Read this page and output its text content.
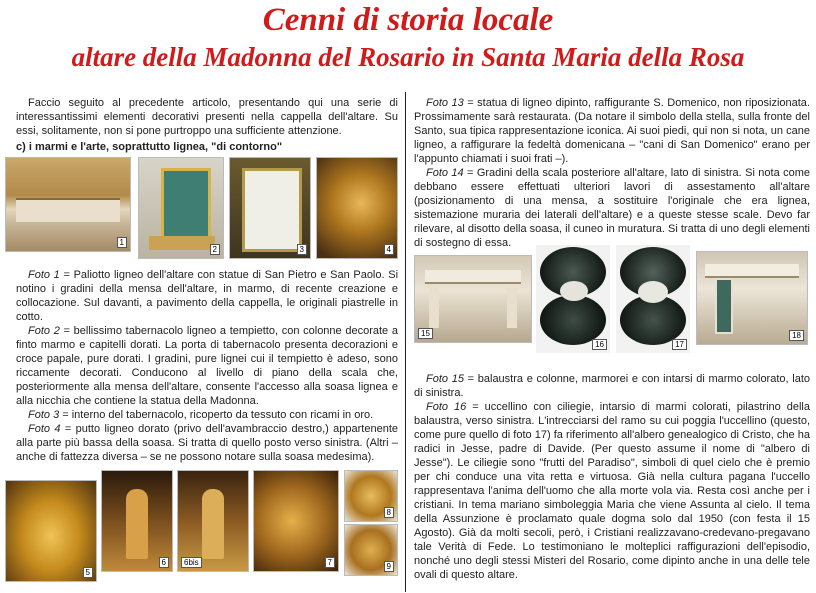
Cenni di storia locale
altare della Madonna del Rosario in Santa Maria della Rosa

Faccio seguito al precedente articolo, presentando qui una serie di interessantissimi elementi decorativi presenti nella cappella dell'altare. Su essi, solitamente, non si pone purtroppo una sufficiente attenzione.

c) i marmi e l'arte, soprattutto lignea, "di contorno"

1
2	3	4

Foto 1 = Paliotto ligneo dell'altare con statue di San Pietro e San Paolo. Si notino i gradini della mensa dell'altare, in marmo, di recente creazione e collocazione. Sul davanti, a pavimento della cappella, le originali piastrelle in cotto.

Foto 2 = bellissimo tabernacolo ligneo a tempietto, con colonne decorate a finto marmo e capitelli dorati. La porta di tabernacolo presenta decorazioni e croce papale, pure dorati. I gradini, pure lignei cui il tempietto è adeso, sono riccamente decorati. Conducono al livello di piano della scala che, posteriormente alla mensa dell'altare, consente l'accesso alla soasa lignea e alla nicchia che contiene la statua della Madonna.

Foto 3 = interno del tabernacolo, ricoperto da tessuto con ricami in oro.

Foto 4 = putto ligneo dorato (privo dell'avambraccio destro,) appartenente alla parte più bassa della soasa. Si tratta di quello posto verso sinistra. (Altri – anche di fattezza diversa – se ne possono notare sulla soasa medesima).

5
6	6bis	7
8
9

Foto 13 = statua di ligneo dipinto, raffigurante S. Domenico, non riposizionata. Prossimamente sarà restaurata. (Da notare il simbolo della stella, sulla fronte del Santo, sua tipica rappresentazione iconica. Ai suoi piedi, qui non si nota, un cane ligneo, a raffigurare la fedeltà domenicana – "cani di San Domenico" erano per l'appunto chiamati i suoi frati –).

Foto 14 = Gradini della scala posteriore all'altare, lato di sinistra. Si nota come debbano essere effettuati ulteriori lavori di assestamento all'altare (posizionamento di una mensa, a sostituire l'originale che era lignea, sistemazione muraria dei laterali dell'altare) e a queste stesse scale. Devo far rilevare, al disotto della soasa, il cuneo in muratura. Si tratta di uno degli elementi di sostegno di essa.

15
16	17
18

Foto 15 = balaustra e colonne, marmorei e con intarsi di marmo colorato, lato di sinistra.

Foto 16 = uccellino con ciliegie, intarsio di marmi colorati, pilastrino della balaustra, verso sinistra. L'intrecciarsi del ramo su cui poggia l'uccellino (questo, come pure quello di foto 17) fa riferimento all'albero genealogico di Cristo, che ha radici in Jesse, padre di Davide. (Per questo assume il nome di "albero di Jesse"). Le ciliegie sono "frutti del Paradiso", simboli di quel cielo che è premio per chi conduce una vita retta e virtuosa. Già nella cultura pagana l'uccello rappresentava l'anima dell'uomo che alla morte vola via. Resta così anche per i cristiani. In tema mariano simboleggia Maria che viene Assunta al cielo. Il tema della Assunzione è proclamato quale dogma solo dal 1950 (con festa il 15 Agosto). Già da molti secoli, però, i Cristiani realizzavano-credevano-pregavano tale Verità di Fede. Lo testimoniano le molteplici raffigurazioni dell'episodio, nonché uno degli stessi Misteri del Rosario, come dipinto anche in una delle tele ovali di questo altare.
